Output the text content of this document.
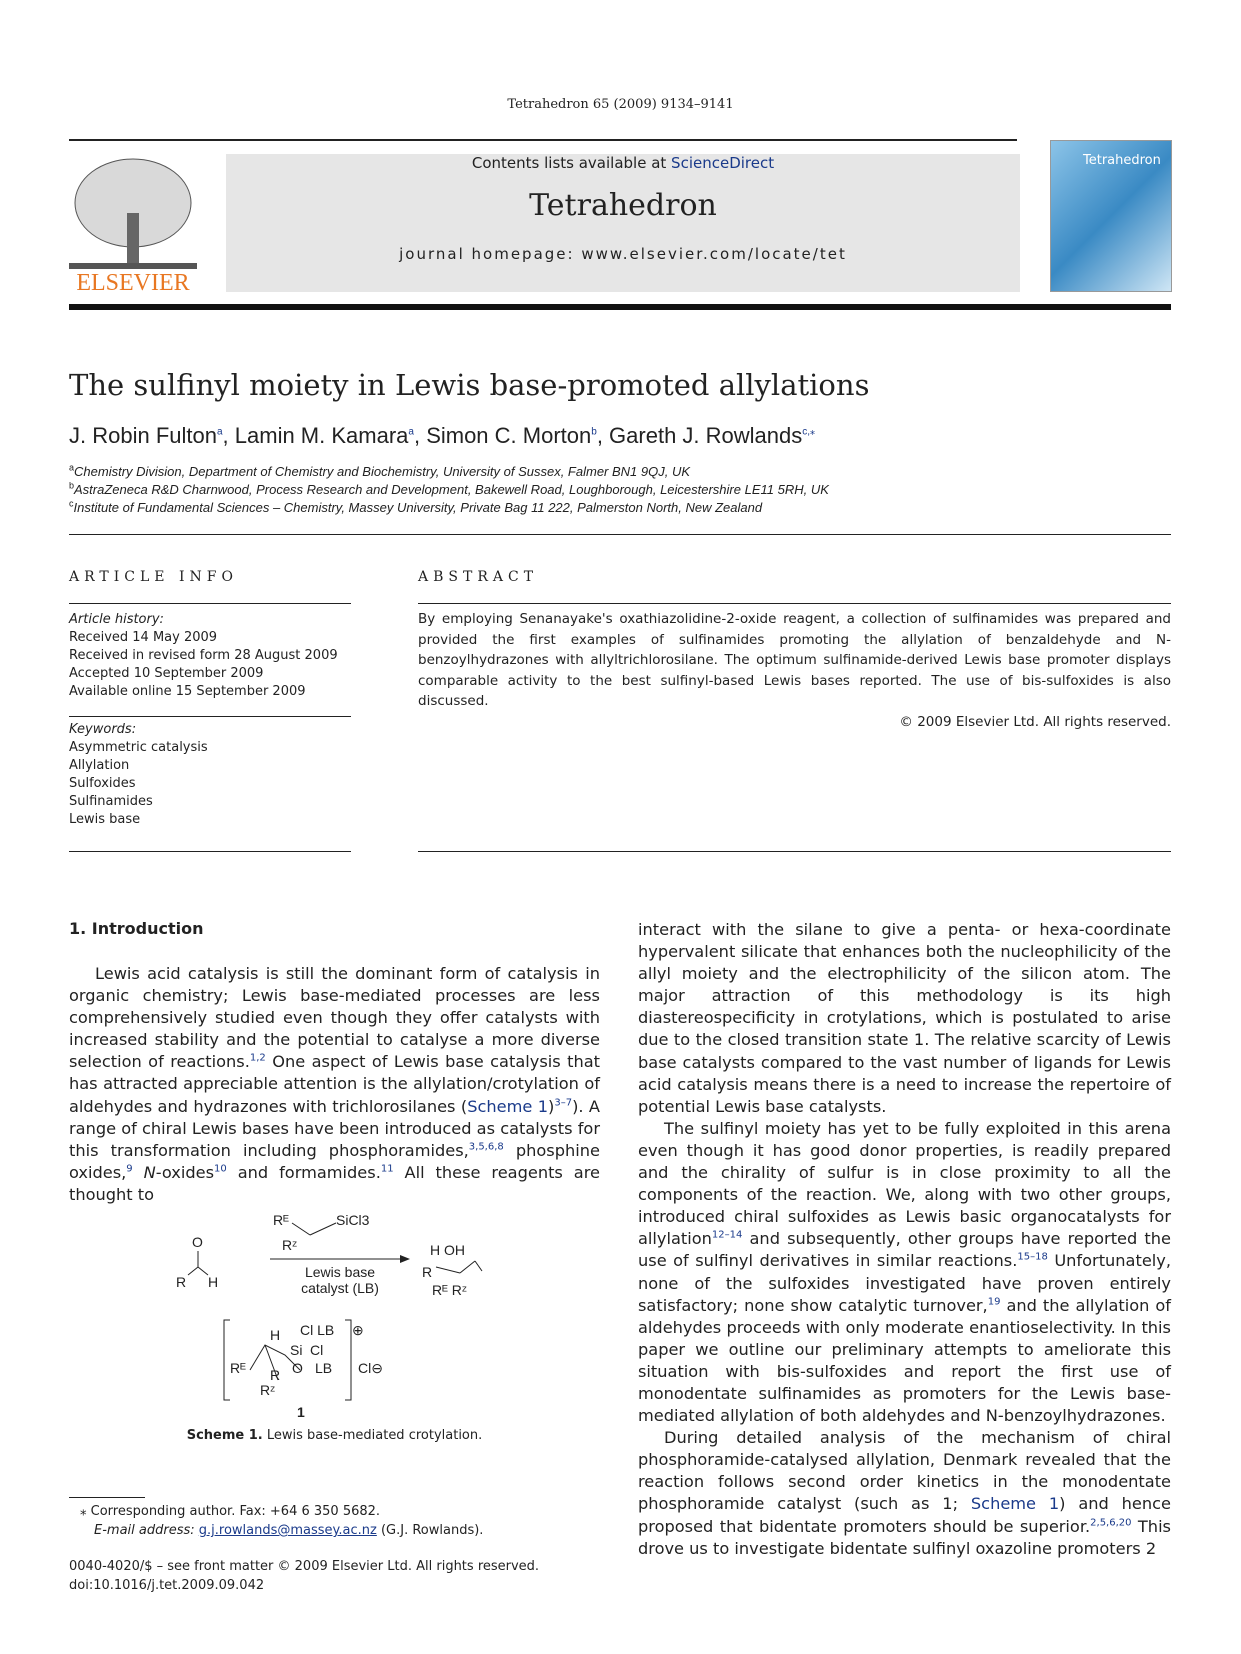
Tetrahedron 65 (2009) 9134–9141
ELSEVIER
Contents lists available at ScienceDirect
Tetrahedron
journal homepage: www.elsevier.com/locate/tet
Tetrahedron
The sulfinyl moiety in Lewis base-promoted allylations
J. Robin Fulton$^a$, Lamin M. Kamara$^a$, Simon C. Morton$^b$, Gareth J. Rowlands$^{c,⁎}$
$^a$Chemistry Division, Department of Chemistry and Biochemistry, University of Sussex, Falmer BN1 9QJ, UK
$^b$AstraZeneca R&D Charnwood, Process Research and Development, Bakewell Road, Loughborough, Leicestershire LE11 5RH, UK
$^c$Institute of Fundamental Sciences – Chemistry, Massey University, Private Bag 11 222, Palmerston North, New Zealand
ARTICLE INFO
Article history:
Received 14 May 2009
Received in revised form 28 August 2009
Accepted 10 September 2009
Available online 15 September 2009
Keywords:
Asymmetric catalysis
Allylation
Sulfoxides
Sulfinamides
Lewis base
ABSTRACT
By employing Senanayake's oxathiazolidine-2-oxide reagent, a collection of sulfinamides was prepared and provided the first examples of sulfinamides promoting the allylation of benzaldehyde and N-benzoylhydrazones with allyltrichlorosilane. The optimum sulfinamide-derived Lewis base promoter displays comparable activity to the best sulfinyl-based Lewis bases reported. The use of bis-sulfoxides is also discussed.
© 2009 Elsevier Ltd. All rights reserved.
1. Introduction

Lewis acid catalysis is still the dominant form of catalysis in organic chemistry; Lewis base-mediated processes are less comprehensively studied even though they offer catalysts with increased stability and the potential to catalyse a more diverse selection of reactions.$^{1,2}$ One aspect of Lewis base catalysis that has attracted appreciable attention is the allylation/crotylation of aldehydes and hydrazones with trichlorosilanes (Scheme 1)$^{3-7}$). A range of chiral Lewis bases have been introduced as catalysts for this transformation including phosphoramides,$^{3,5,6,8}$ phosphine oxides,$^9$ N-oxides$^{10}$ and formamides.$^{11}$ All these reagents are thought to

O
R H
Rᴱ	SiCl3
Rᶻ
Lewis base
catalyst (LB)
H OH
R
Rᴱ Rᶻ
Cl LB
Si Cl
LB
Rᴱ
H
Rᶻ
R O
⊕
Cl⊖
1
Scheme 1. Lewis base-mediated crotylation.
⁎ Corresponding author. Fax: +64 6 350 5682.
E-mail address: g.j.rowlands@massey.ac.nz (G.J. Rowlands).
0040-4020/$ – see front matter © 2009 Elsevier Ltd. All rights reserved.
doi:10.1016/j.tet.2009.09.042

interact with the silane to give a penta- or hexa-coordinate hypervalent silicate that enhances both the nucleophilicity of the allyl moiety and the electrophilicity of the silicon atom. The major attraction of this methodology is its high diastereospecificity in crotylations, which is postulated to arise due to the closed transition state 1. The relative scarcity of Lewis base catalysts compared to the vast number of ligands for Lewis acid catalysis means there is a need to increase the repertoire of potential Lewis base catalysts.

The sulfinyl moiety has yet to be fully exploited in this arena even though it has good donor properties, is readily prepared and the chirality of sulfur is in close proximity to all the components of the reaction. We, along with two other groups, introduced chiral sulfoxides as Lewis basic organocatalysts for allylation$^{12-14}$ and subsequently, other groups have reported the use of sulfinyl derivatives in similar reactions.$^{15-18}$ Unfortunately, none of the sulfoxides investigated have proven entirely satisfactory; none show catalytic turnover,$^{19}$ and the allylation of aldehydes proceeds with only moderate enantioselectivity. In this paper we outline our preliminary attempts to ameliorate this situation with bis-sulfoxides and report the first use of monodentate sulfinamides as promoters for the Lewis base-mediated allylation of both aldehydes and N-benzoylhydrazones.

During detailed analysis of the mechanism of chiral phosphoramide-catalysed allylation, Denmark revealed that the reaction follows second order kinetics in the monodentate phosphoramide catalyst (such as 1; Scheme 1) and hence proposed that bidentate promoters should be superior.$^{2,5,6,20}$ This drove us to investigate bidentate sulfinyl oxazoline promoters 2
